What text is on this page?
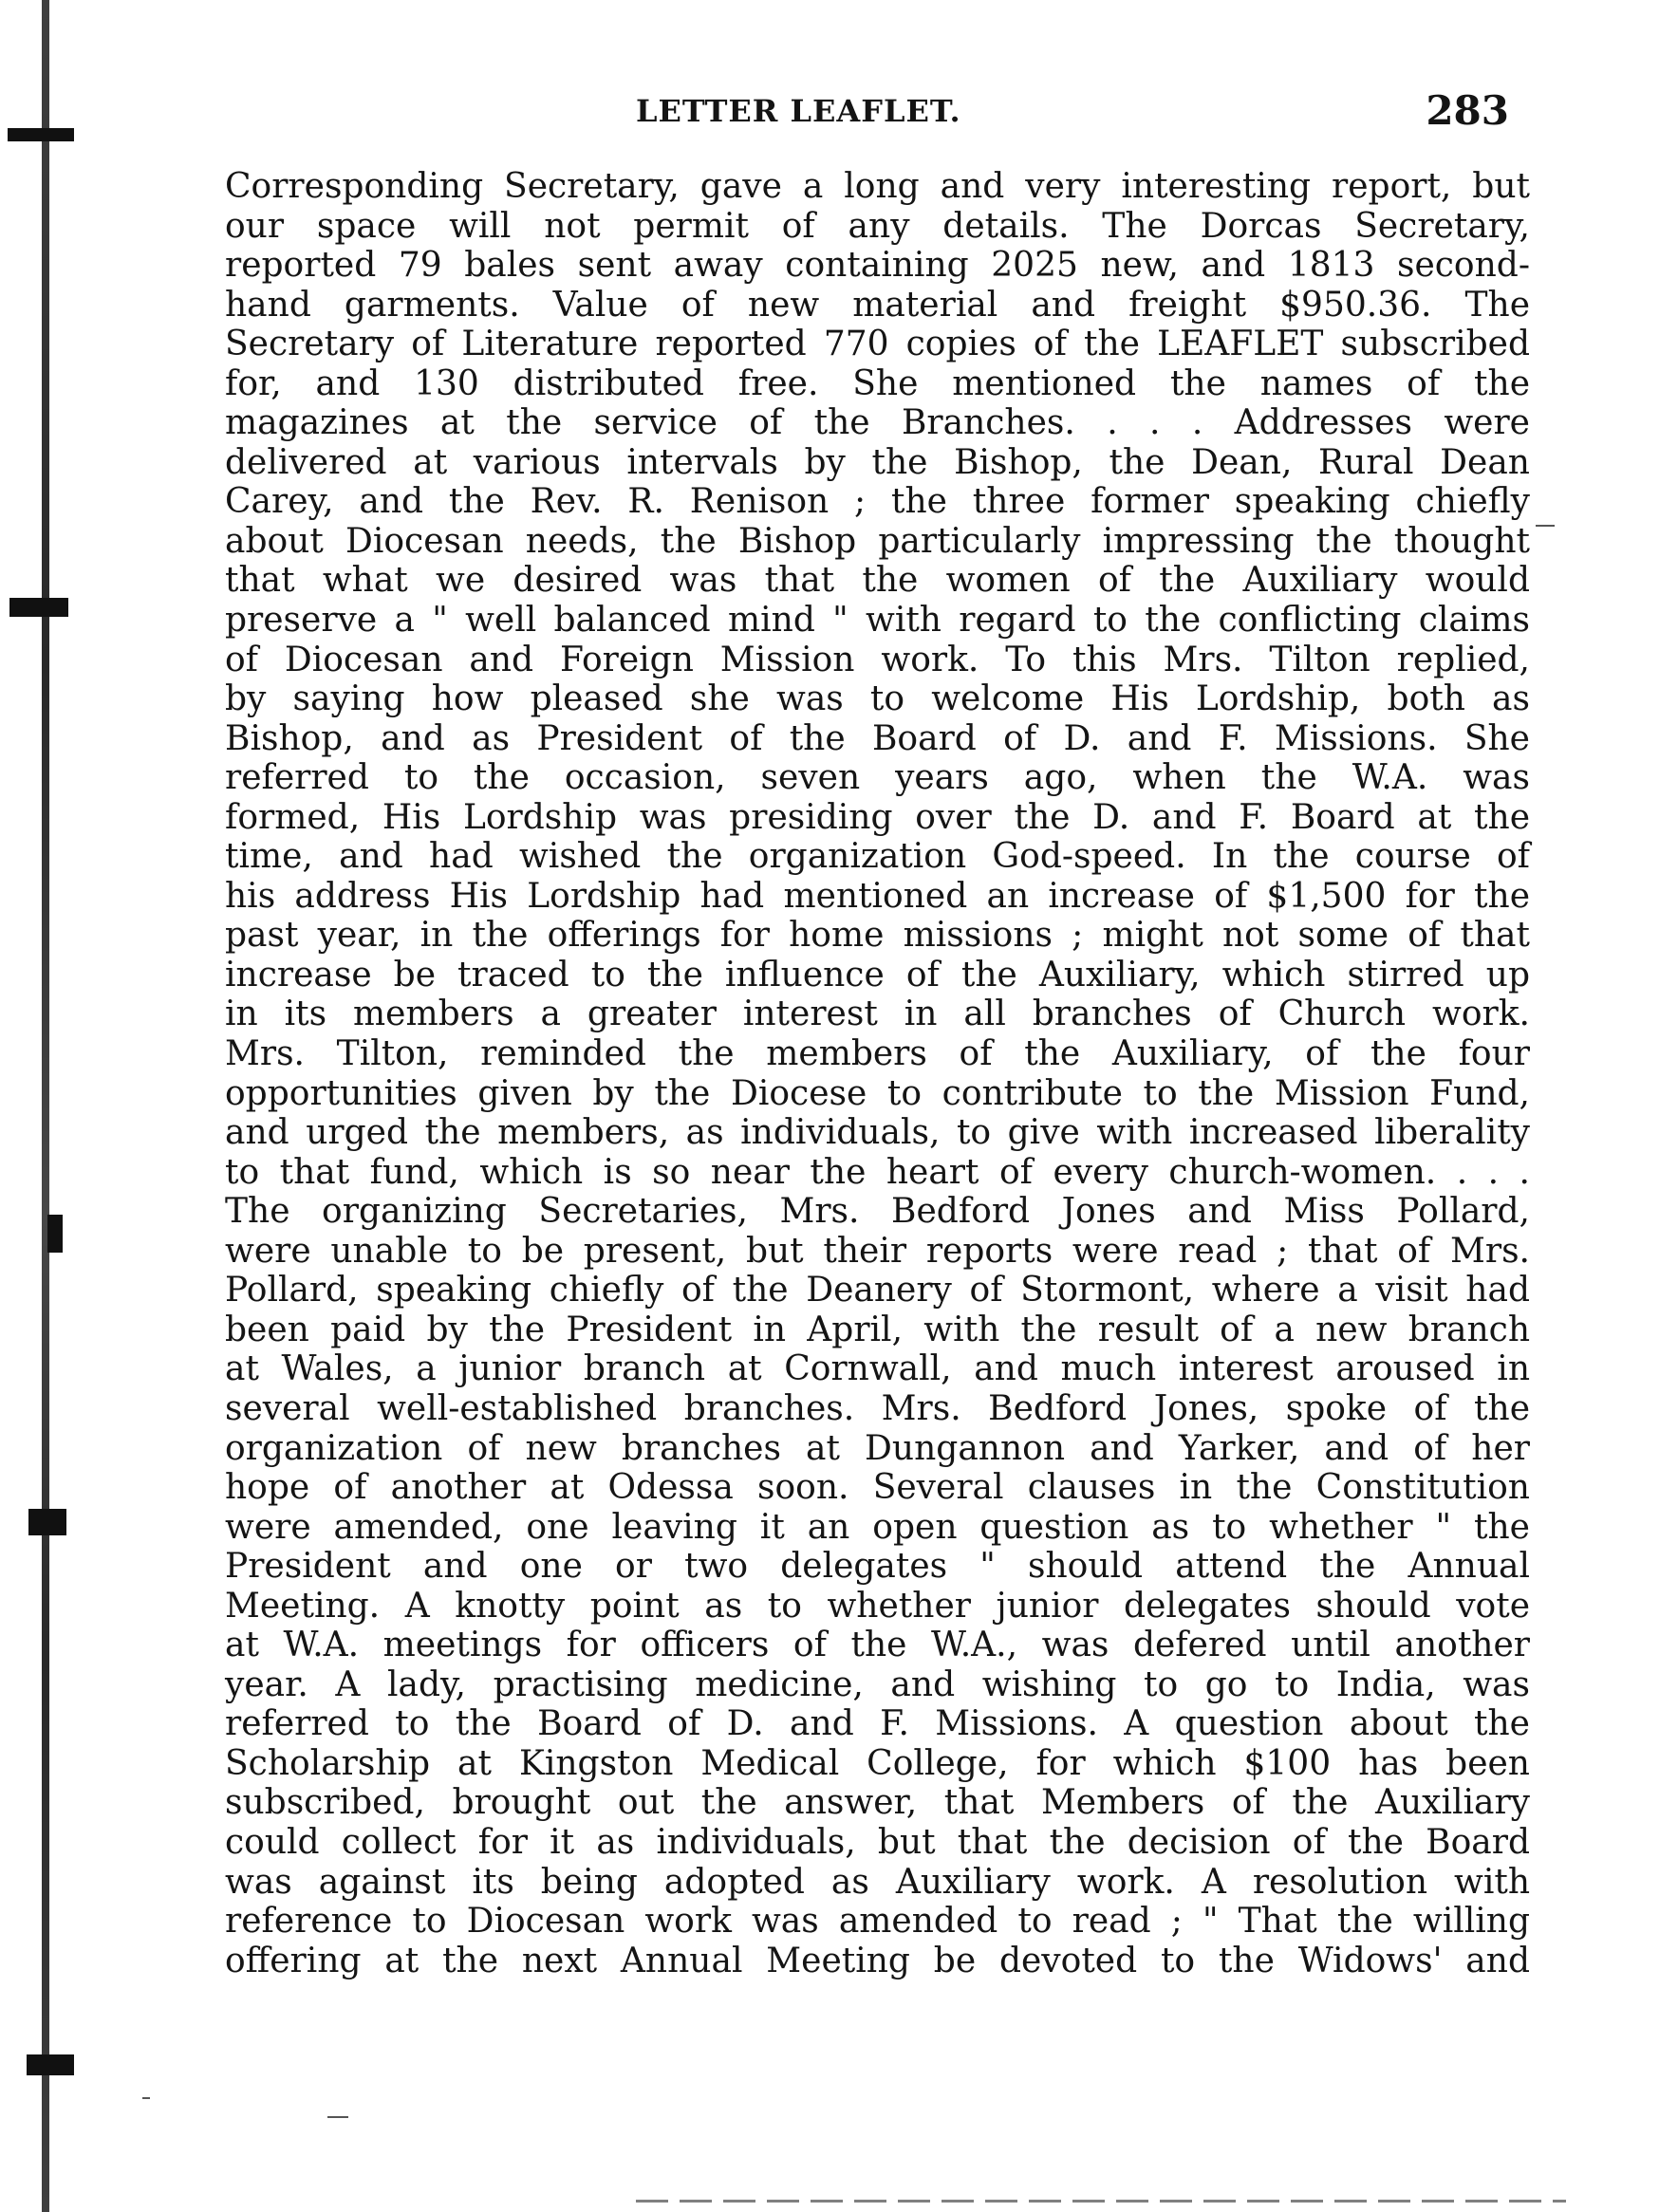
LETTER LEAFLET.	283
Corresponding Secretary, gave a long and very interesting report, but
our space will not permit of any details. The Dorcas Secretary,
reported 79 bales sent away containing 2025 new, and 1813 second-
hand garments. Value of new material and freight $950.36. The
Secretary of Literature reported 770 copies of the LEAFLET subscribed
for, and 130 distributed free. She mentioned the names of the
magazines at the service of the Branches. . . . Addresses were
delivered at various intervals by the Bishop, the Dean, Rural Dean
Carey, and the Rev. R. Renison ; the three former speaking chiefly
about Diocesan needs, the Bishop particularly impressing the thought
that what we desired was that the women of the Auxiliary would
preserve a " well balanced mind " with regard to the conflicting claims
of Diocesan and Foreign Mission work. To this Mrs. Tilton replied,
by saying how pleased she was to welcome His Lordship, both as
Bishop, and as President of the Board of D. and F. Missions. She
referred to the occasion, seven years ago, when the W.A. was
formed, His Lordship was presiding over the D. and F. Board at the
time, and had wished the organization God-speed. In the course of
his address His Lordship had mentioned an increase of $1,500 for the
past year, in the offerings for home missions ; might not some of that
increase be traced to the influence of the Auxiliary, which stirred up
in its members a greater interest in all branches of Church work.
Mrs. Tilton, reminded the members of the Auxiliary, of the four
opportunities given by the Diocese to contribute to the Mission Fund,
and urged the members, as individuals, to give with increased liberality
to that fund, which is so near the heart of every church-women. . . .
The organizing Secretaries, Mrs. Bedford Jones and Miss Pollard,
were unable to be present, but their reports were read ; that of Mrs.
Pollard, speaking chiefly of the Deanery of Stormont, where a visit had
been paid by the President in April, with the result of a new branch
at Wales, a junior branch at Cornwall, and much interest aroused in
several well-established branches. Mrs. Bedford Jones, spoke of the
organization of new branches at Dungannon and Yarker, and of her
hope of another at Odessa soon. Several clauses in the Constitution
were amended, one leaving it an open question as to whether " the
President and one or two delegates " should attend the Annual
Meeting. A knotty point as to whether junior delegates should vote
at W.A. meetings for officers of the W.A., was defered until another
year. A lady, practising medicine, and wishing to go to India, was
referred to the Board of D. and F. Missions. A question about the
Scholarship at Kingston Medical College, for which $100 has been
subscribed, brought out the answer, that Members of the Auxiliary
could collect for it as individuals, but that the decision of the Board
was against its being adopted as Auxiliary work. A resolution with
reference to Diocesan work was amended to read ; " That the willing
offering at the next Annual Meeting be devoted to the Widows' and
